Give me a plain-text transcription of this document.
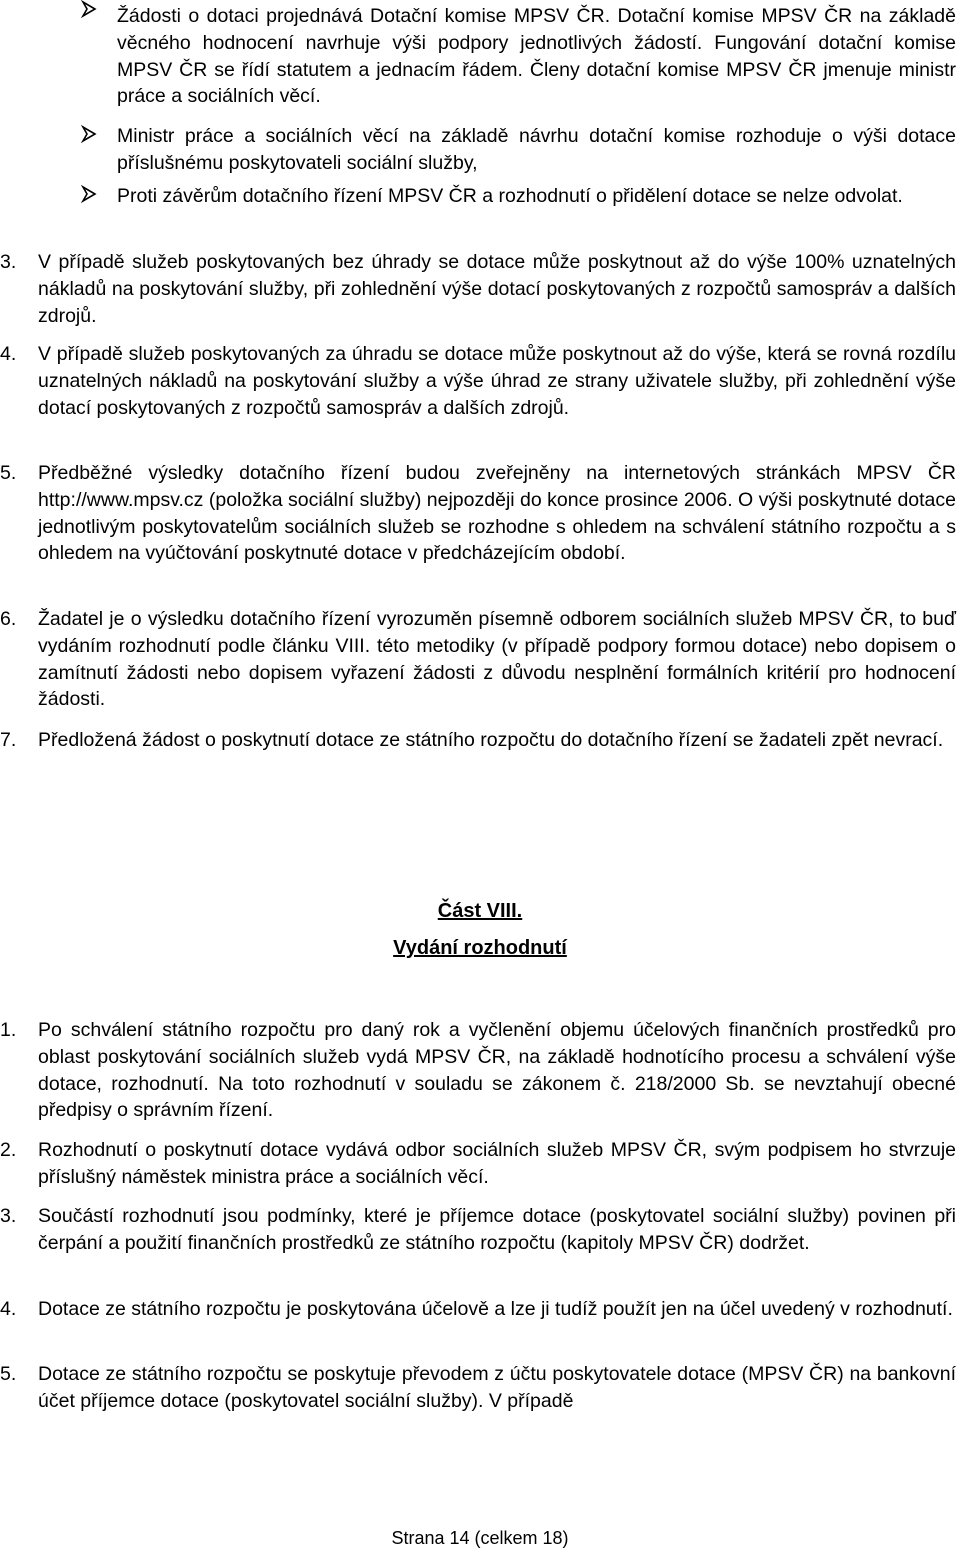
Žádosti o dotaci projednává Dotační komise MPSV ČR. Dotační komise MPSV ČR na základě věcného hodnocení navrhuje výši podpory jednotlivých žádostí. Fungování dotační komise MPSV ČR se řídí statutem a jednacím řádem. Členy dotační komise MPSV ČR jmenuje ministr práce a sociálních věcí.
Ministr práce a sociálních věcí na základě návrhu dotační komise rozhoduje o výši dotace příslušnému poskytovateli sociální služby,
Proti závěrům dotačního řízení MPSV ČR a rozhodnutí o přidělení dotace se nelze odvolat.
3. V případě služeb poskytovaných bez úhrady se dotace může poskytnout až do výše 100% uznatelných nákladů na poskytování služby, při zohlednění výše dotací poskytovaných z rozpočtů samospráv a dalších zdrojů.
4. V případě služeb poskytovaných za úhradu se dotace může poskytnout až do výše, která se rovná rozdílu uznatelných nákladů na poskytování služby a výše úhrad ze strany uživatele služby, při zohlednění výše dotací poskytovaných z rozpočtů samospráv a dalších zdrojů.
5. Předběžné výsledky dotačního řízení budou zveřejněny na internetových stránkách MPSV ČR http://www.mpsv.cz (položka sociální služby) nejpozději do konce prosince 2006. O výši poskytnuté dotace jednotlivým poskytovatelům sociálních služeb se rozhodne s ohledem na schválení státního rozpočtu a s ohledem na vyúčtování poskytnuté dotace v předcházejícím období.
6. Žadatel je o výsledku dotačního řízení vyrozuměn písemně odborem sociálních služeb MPSV ČR, to buď vydáním rozhodnutí podle článku VIII. této metodiky (v případě podpory formou dotace) nebo dopisem o zamítnutí žádosti nebo dopisem vyřazení žádosti z důvodu nesplnění formálních kritérií pro hodnocení žádosti.
7. Předložená žádost o poskytnutí dotace ze státního rozpočtu do dotačního řízení se žadateli zpět nevrací.
Část VIII.
Vydání rozhodnutí
1. Po schválení státního rozpočtu pro daný rok a vyčlenění objemu účelových finančních prostředků pro oblast poskytování sociálních služeb vydá MPSV ČR, na základě hodnotícího procesu a schválení výše dotace, rozhodnutí. Na toto rozhodnutí v souladu se zákonem č. 218/2000 Sb. se nevztahují obecné předpisy o správním řízení.
2. Rozhodnutí o poskytnutí dotace vydává odbor sociálních služeb MPSV ČR, svým podpisem ho stvrzuje příslušný náměstek ministra práce a sociálních věcí.
3. Součástí rozhodnutí jsou podmínky, které je příjemce dotace (poskytovatel sociální služby) povinen při čerpání a použití finančních prostředků ze státního rozpočtu (kapitoly MPSV ČR) dodržet.
4. Dotace ze státního rozpočtu je poskytována účelově a lze ji tudíž použít jen na účel uvedený v rozhodnutí.
5. Dotace ze státního rozpočtu se poskytuje převodem z účtu poskytovatele dotace (MPSV ČR) na bankovní účet příjemce dotace (poskytovatel sociální služby). V případě
Strana 14 (celkem 18)
